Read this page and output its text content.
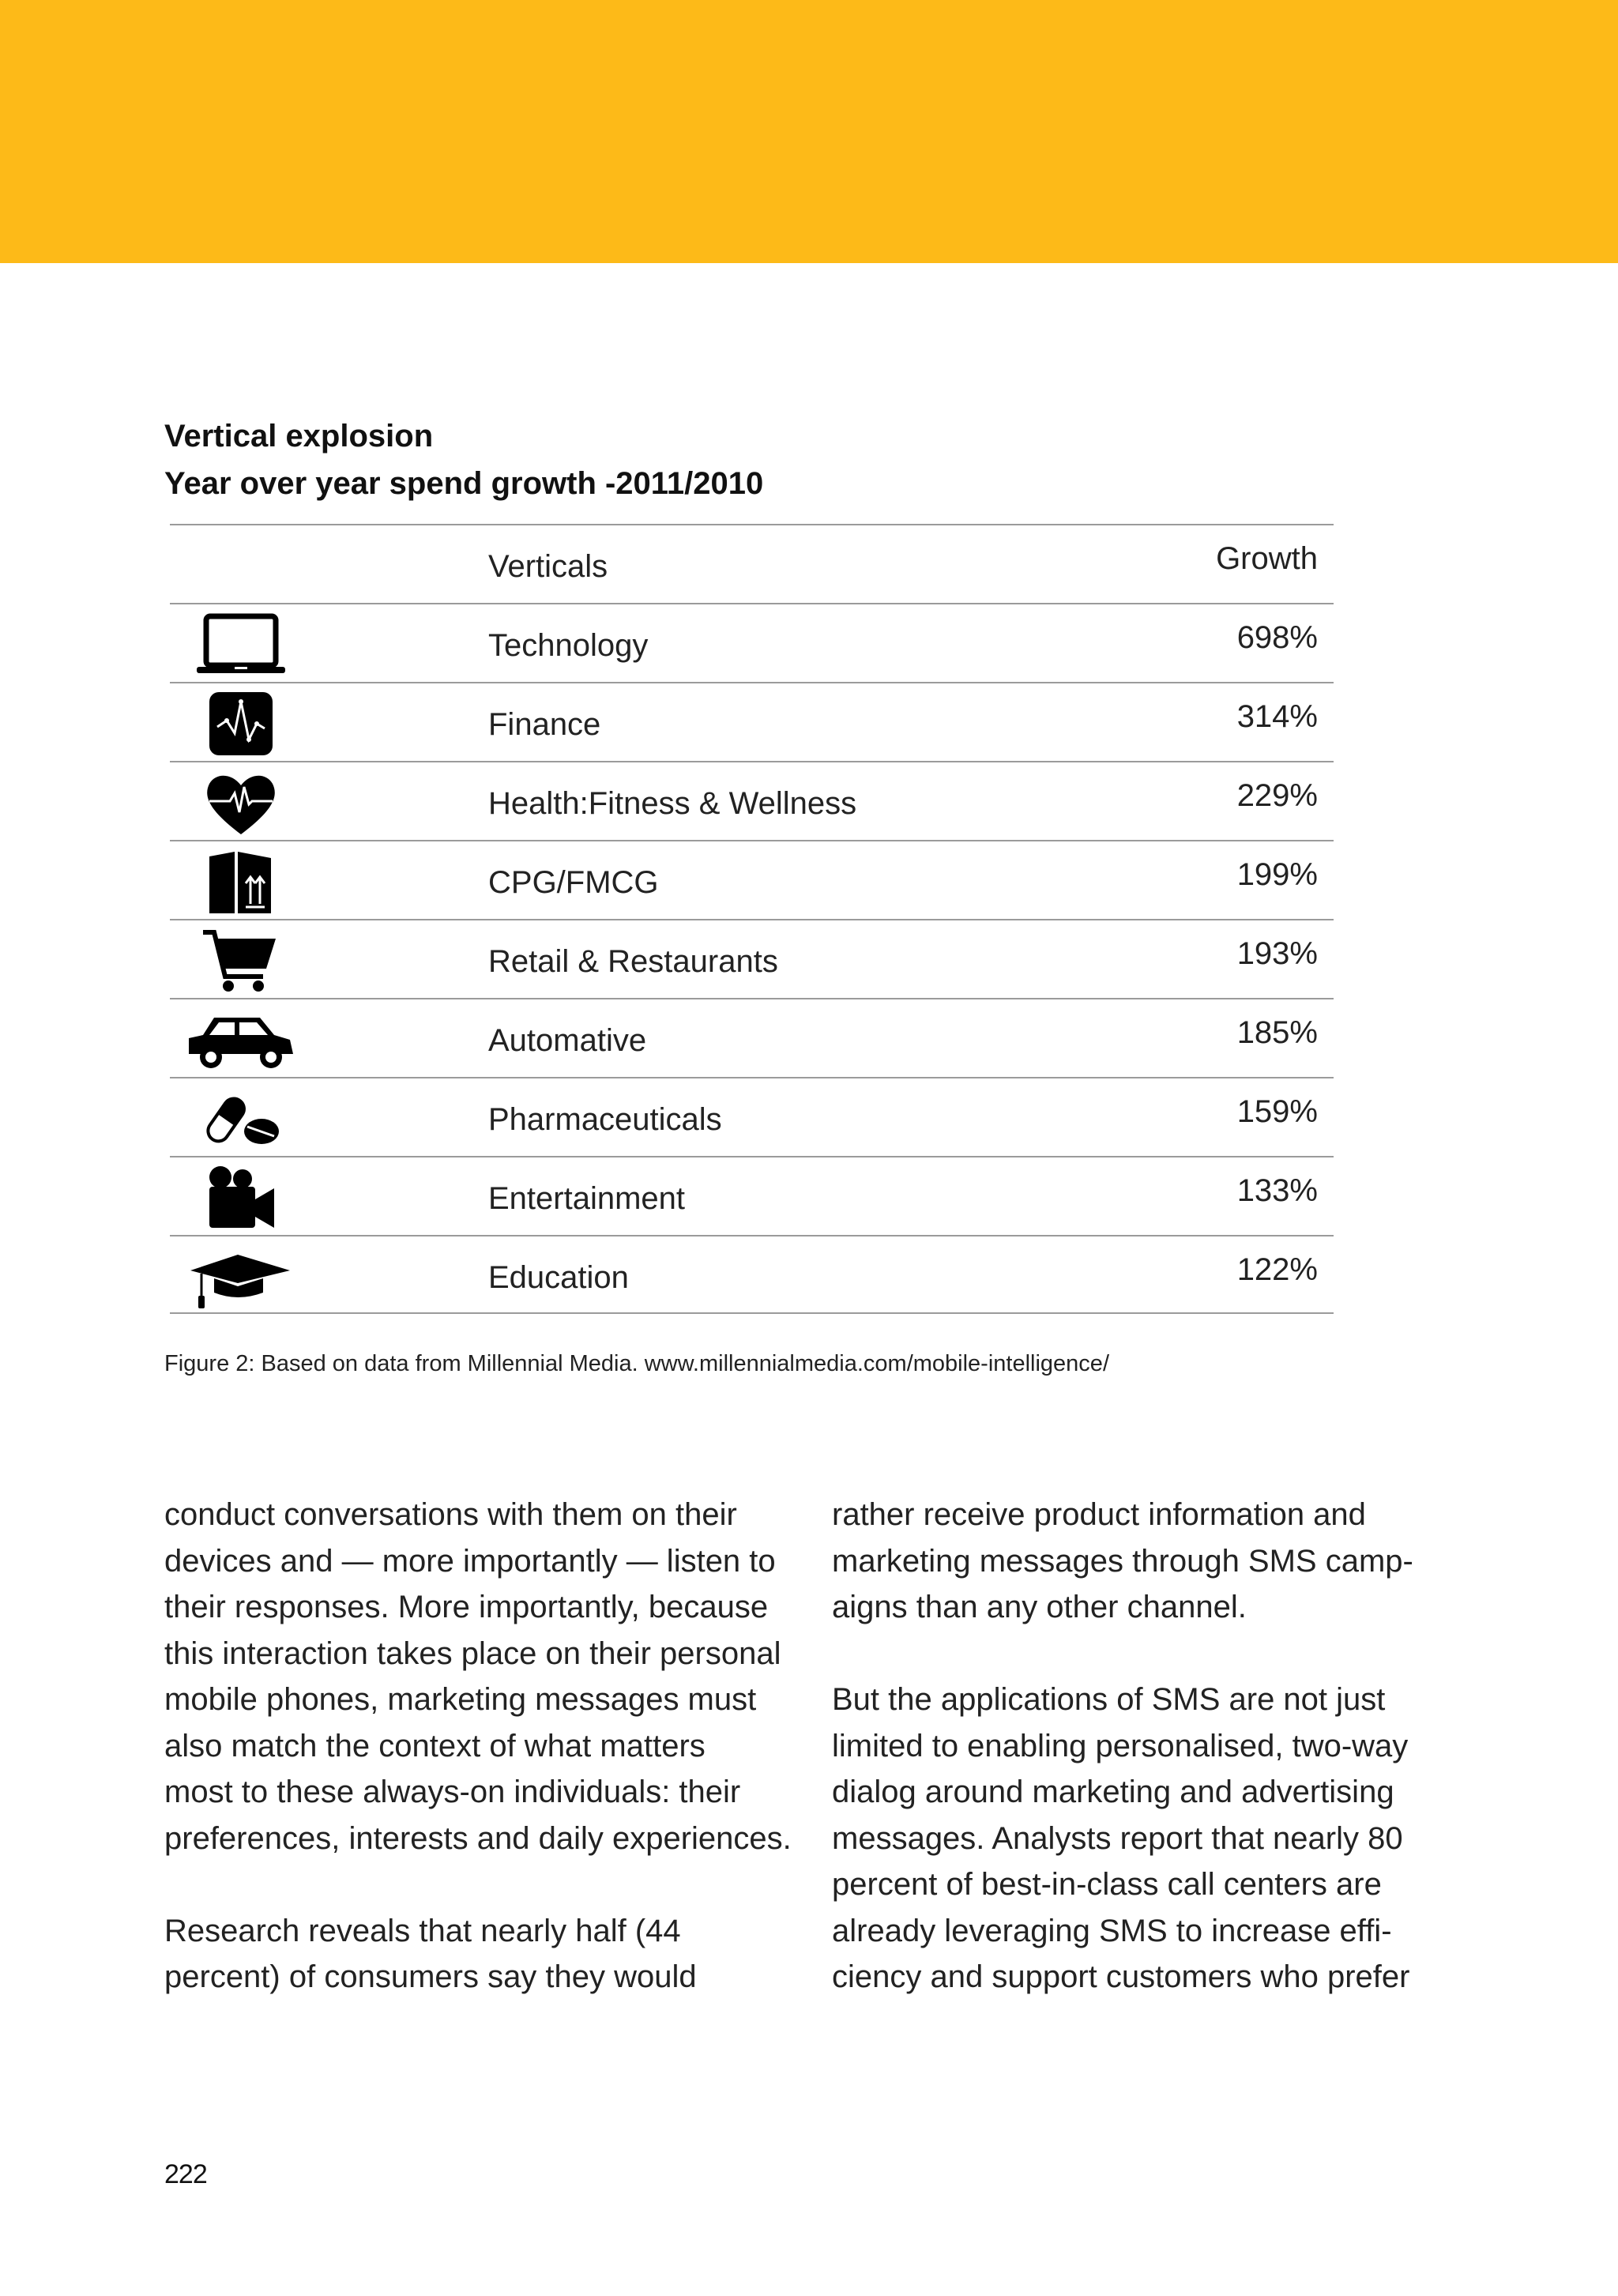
Vertical explosion
Year over year spend growth -2011/2010
Verticals	Growth
Technology	698%
Finance	314%
Health:Fitness & Wellness	229%
CPG/FMCG	199%
Retail & Restaurants	193%
Automative	185%
Pharmaceuticals	159%
Entertainment	133%
Education	122%
Figure 2: Based on data from Millennial Media. www.millennialmedia.com/mobile-intelligence/

conduct conversations with them on their

devices and — more importantly — listen to

their responses. More importantly, because

this interaction takes place on their personal

mobile phones, marketing messages must

also match the context of what matters

most to these always-on individuals: their

preferences, interests and daily experiences.

Research reveals that nearly half (44

percent) of consumers say they would

rather receive product information and

marketing messages through SMS camp-

aigns than any other channel.

But the applications of SMS are not just

limited to enabling personalised, two-way

dialog around marketing and advertising

messages. Analysts report that nearly 80

percent of best-in-class call centers are

already leveraging SMS to increase effi-

ciency and support customers who prefer

222
